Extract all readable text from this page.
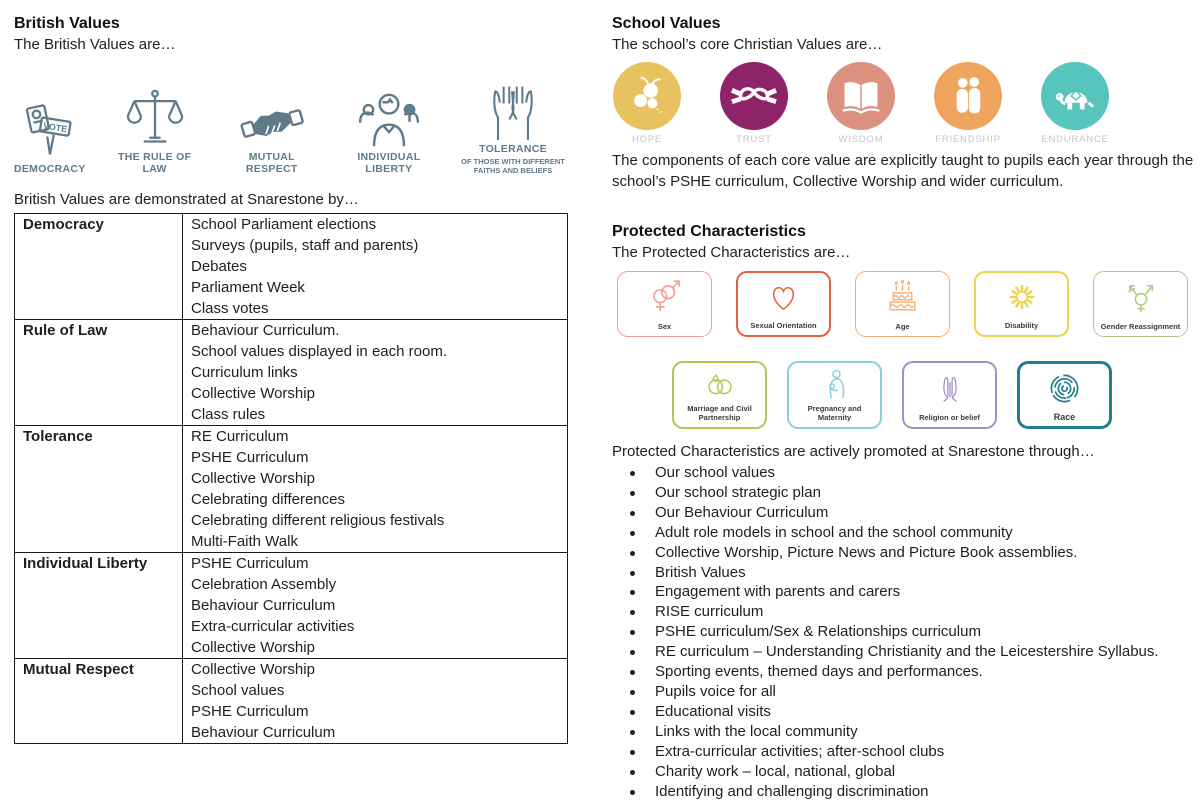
British Values
The British Values are…
VOTE
DEMOCRACY
THE RULE OF LAW
MUTUAL RESPECT
INDIVIDUAL LIBERTY
TOLERANCE
OF THOSE WITH DIFFERENT FAITHS AND BELIEFS
British Values are demonstrated at Snarestone by…
Democracy	School Parliament elections
Surveys (pupils, staff and parents)
Debates
Parliament Week
Class votes

Rule of Law	Behaviour Curriculum.
School values displayed in each room.
Curriculum links
Collective Worship
Class rules

Tolerance	RE Curriculum
PSHE Curriculum
Collective Worship
Celebrating differences
Celebrating different religious festivals
Multi-Faith Walk

Individual Liberty	PSHE Curriculum
Celebration Assembly
Behaviour Curriculum
Extra-curricular activities
Collective Worship

Mutual Respect	Collective Worship
School values
PSHE Curriculum
Behaviour Curriculum
School Values
The school’s core Christian Values are…
HOPE	TRUST	WISDOM	FRIENDSHIP	ENDURANCE
The components of each core value are explicitly taught to pupils each year through the school’s PSHE curriculum, Collective Worship and wider curriculum.
Protected Characteristics
The Protected Characteristics are…
Sex	Sexual Orientation	Age	Disability	Gender Reassignment
Marriage and Civil Partnership
Pregnancy and Maternity	Religion or belief	Race
Protected Characteristics are actively promoted at Snarestone through…
Our school values
Our school strategic plan
Our Behaviour Curriculum
Adult role models in school and the school community
Collective Worship, Picture News and Picture Book assemblies.
British Values
Engagement with parents and carers
RISE curriculum
PSHE curriculum/Sex & Relationships curriculum
RE curriculum – Understanding Christianity and the Leicestershire Syllabus.
Sporting events, themed days and performances.
Pupils voice for all
Educational visits
Links with the local community
Extra-curricular activities; after-school clubs
Charity work – local, national, global
Identifying and challenging discrimination
